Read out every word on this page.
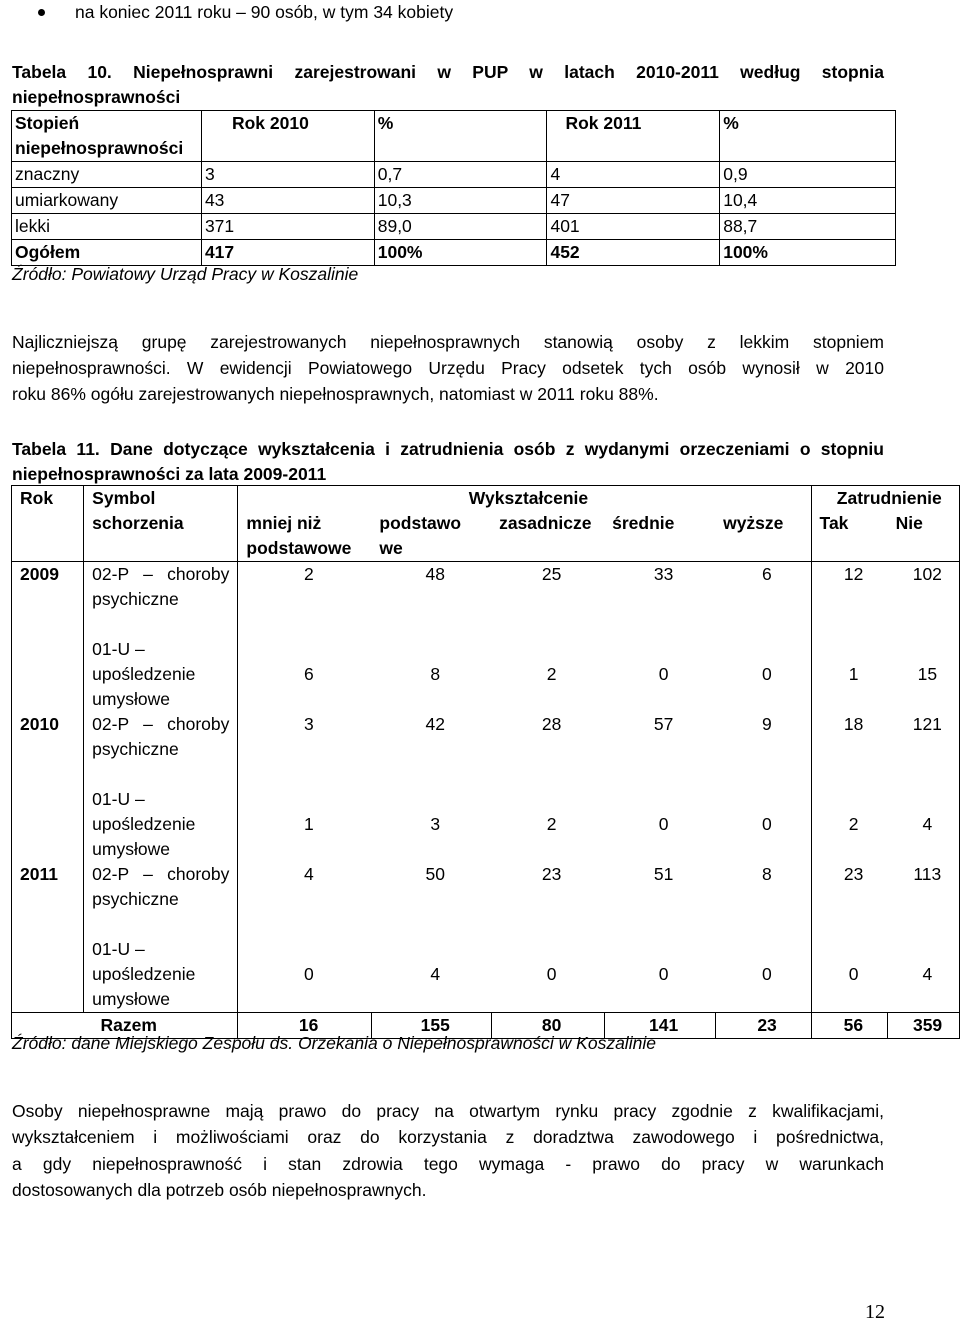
na koniec 2011 roku – 90 osób, w tym 34 kobiety
Tabela 10. Niepełnosprawni zarejestrowani w PUP w latach 2010-2011 według stopnia
niepełnosprawności
Stopień niepełnosprawności	Rok 2010	%	Rok 2011	%
znaczny	3	0,7	4	0,9
umiarkowany	43	10,3	47	10,4
lekki	371	89,0	401	88,7
Ogółem	417	100%	452	100%
Źródło: Powiatowy Urząd Pracy w Koszalinie
Najliczniejszą grupę zarejestrowanych niepełnosprawnych stanowią osoby z lekkim stopniem
niepełnosprawności. W ewidencji Powiatowego Urzędu Pracy odsetek tych osób wynosił w 2010
roku 86% ogółu zarejestrowanych niepełnosprawnych, natomiast w 2011 roku 88%.
Tabela 11. Dane dotyczące wykształcenia i zatrudnienia osób z wydanymi orzeczeniami o stopniu
niepełnosprawności za lata 2009-2011
Rok	Symbol schorzenia	Wykształcenie					Zatrudnienie	
		mniej niż podstawowe	podstawo we	zasadnicze	średnie	wyższe	Tak	Nie
2009	02-P – choroby psychiczne	2	48	25	33	6	12	102
	01-U – upośledzenie umysłowe	6	8	2	0	0	1	15
2010	02-P – choroby psychiczne	3	42	28	57	9	18	121
	01-U – upośledzenie umysłowe	1	3	2	0	0	2	4
2011	02-P – choroby psychiczne	4	50	23	51	8	23	113
	01-U – upośledzenie umysłowe	0	4	0	0	0	0	4
Razem		16	155	80	141	23	56	359
Źródło: dane Miejskiego Zespołu ds. Orzekania o Niepełnosprawności w Koszalinie
Osoby niepełnosprawne mają prawo do pracy na otwartym rynku pracy zgodnie z kwalifikacjami,
wykształceniem i możliwościami oraz do korzystania z doradztwa zawodowego i pośrednictwa,
a gdy niepełnosprawność i stan zdrowia tego wymaga - prawo do pracy w warunkach
dostosowanych dla potrzeb osób niepełnosprawnych.
12
